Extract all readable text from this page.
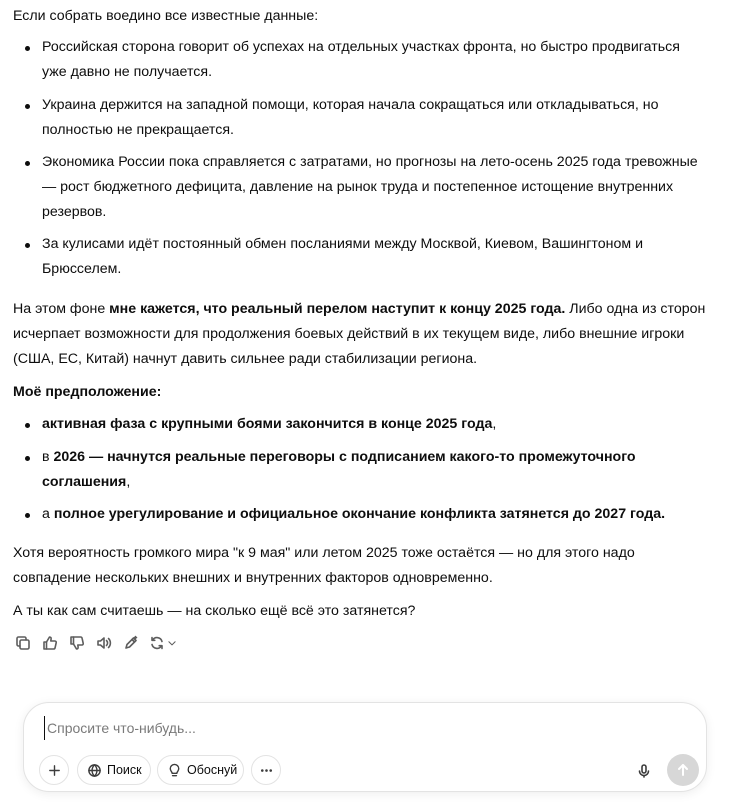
Если собрать воедино все известные данные:

Российская сторона говорит об успехах на отдельных участках фронта, но быстро продвигаться уже давно не получается.
Украина держится на западной помощи, которая начала сокращаться или откладываться, но полностью не прекращается.
Экономика России пока справляется с затратами, но прогнозы на лето-осень 2025 года тревожные — рост бюджетного дефицита, давление на рынок труда и постепенное истощение внутренних резервов.
За кулисами идёт постоянный обмен посланиями между Москвой, Киевом, Вашингтоном и Брюсселем.

На этом фоне мне кажется, что реальный перелом наступит к концу 2025 года. Либо одна из сторон исчерпает возможности для продолжения боевых действий в их текущем виде, либо внешние игроки (США, ЕС, Китай) начнут давить сильнее ради стабилизации региона.

Моё предположение:

активная фаза с крупными боями закончится в конце 2025 года,
в 2026 — начнутся реальные переговоры с подписанием какого-то промежуточного соглашения,
а полное урегулирование и официальное окончание конфликта затянется до 2027 года.

Хотя вероятность громкого мира "к 9 мая" или летом 2025 тоже остаётся — но для этого надо совпадение нескольких внешних и внутренних факторов одновременно.

А ты как сам считаешь — на сколько ещё всё это затянется?

Спросите что-нибудь...
Поиск	Обоснуй
